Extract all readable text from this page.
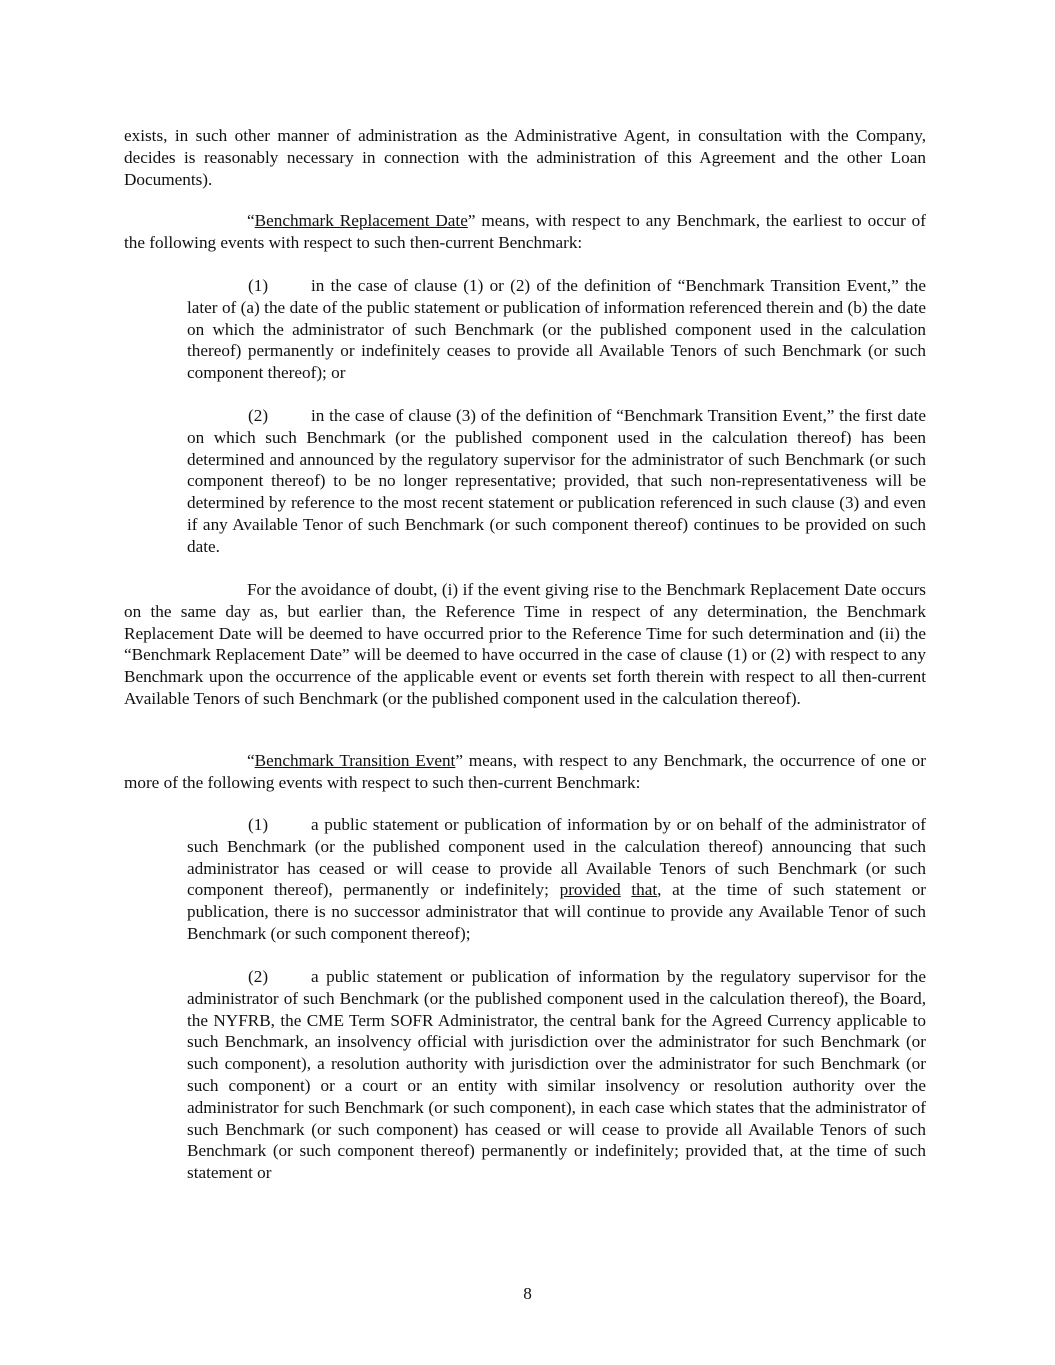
exists, in such other manner of administration as the Administrative Agent, in consultation with the Company, decides is reasonably necessary in connection with the administration of this Agreement and the other Loan Documents).

“Benchmark Replacement Date” means, with respect to any Benchmark, the earliest to occur of the following events with respect to such then-current Benchmark:

(1) in the case of clause (1) or (2) of the definition of “Benchmark Transition Event,” the later of (a) the date of the public statement or publication of information referenced therein and (b) the date on which the administrator of such Benchmark (or the published component used in the calculation thereof) permanently or indefinitely ceases to provide all Available Tenors of such Benchmark (or such component thereof); or

(2) in the case of clause (3) of the definition of “Benchmark Transition Event,” the first date on which such Benchmark (or the published component used in the calculation thereof) has been determined and announced by the regulatory supervisor for the administrator of such Benchmark (or such component thereof) to be no longer representative; provided, that such non-representativeness will be determined by reference to the most recent statement or publication referenced in such clause (3) and even if any Available Tenor of such Benchmark (or such component thereof) continues to be provided on such date.

For the avoidance of doubt, (i) if the event giving rise to the Benchmark Replacement Date occurs on the same day as, but earlier than, the Reference Time in respect of any determination, the Benchmark Replacement Date will be deemed to have occurred prior to the Reference Time for such determination and (ii) the “Benchmark Replacement Date” will be deemed to have occurred in the case of clause (1) or (2) with respect to any Benchmark upon the occurrence of the applicable event or events set forth therein with respect to all then-current Available Tenors of such Benchmark (or the published component used in the calculation thereof).

“Benchmark Transition Event” means, with respect to any Benchmark, the occurrence of one or more of the following events with respect to such then-current Benchmark:

(1) a public statement or publication of information by or on behalf of the administrator of such Benchmark (or the published component used in the calculation thereof) announcing that such administrator has ceased or will cease to provide all Available Tenors of such Benchmark (or such component thereof), permanently or indefinitely; provided that, at the time of such statement or publication, there is no successor administrator that will continue to provide any Available Tenor of such Benchmark (or such component thereof);

(2) a public statement or publication of information by the regulatory supervisor for the administrator of such Benchmark (or the published component used in the calculation thereof), the Board, the NYFRB, the CME Term SOFR Administrator, the central bank for the Agreed Currency applicable to such Benchmark, an insolvency official with jurisdiction over the administrator for such Benchmark (or such component), a resolution authority with jurisdiction over the administrator for such Benchmark (or such component) or a court or an entity with similar insolvency or resolution authority over the administrator for such Benchmark (or such component), in each case which states that the administrator of such Benchmark (or such component) has ceased or will cease to provide all Available Tenors of such Benchmark (or such component thereof) permanently or indefinitely; provided that, at the time of such statement or

8
